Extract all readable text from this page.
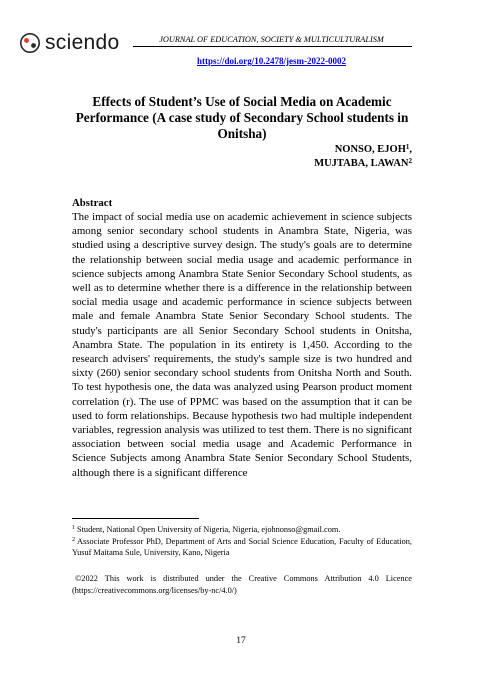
sciendo	JOURNAL OF EDUCATION, SOCIETY & MULTICULTURALISM
https://doi.org/10.2478/jesm-2022-0002
Effects of Student’s Use of Social Media on Academic Performance (A case study of Secondary School students in Onitsha)
NONSO, EJOH$^1$,
MUJTABA, LAWAN$^2$
Abstract
The impact of social media use on academic achievement in science subjects among senior secondary school students in Anambra State, Nigeria, was studied using a descriptive survey design. The study's goals are to determine the relationship between social media usage and academic performance in science subjects among Anambra State Senior Secondary School students, as well as to determine whether there is a difference in the relationship between social media usage and academic performance in science subjects between male and female Anambra State Senior Secondary School students. The study's participants are all Senior Secondary School students in Onitsha, Anambra State. The population in its entirety is 1,450. According to the research advisers' requirements, the study's sample size is two hundred and sixty (260) senior secondary school students from Onitsha North and South. To test hypothesis one, the data was analyzed using Pearson product moment correlation (r). The use of PPMC was based on the assumption that it can be used to form relationships. Because hypothesis two had multiple independent variables, regression analysis was utilized to test them. There is no significant association between social media usage and Academic Performance in Science Subjects among Anambra State Senior Secondary School Students, although there is a significant difference

$^1$ Student, National Open University of Nigeria, Nigeria, ejohnonso@gmail.com.

$^2$ Associate Professor PhD, Department of Arts and Social Science Education, Faculty of Education, Yusuf Maitama Sule, University, Kano, Nigeria

©2022 This work is distributed under the Creative Commons Attribution 4.0 Licence (https://creativecommons.org/licenses/by-nc/4.0/)
17
